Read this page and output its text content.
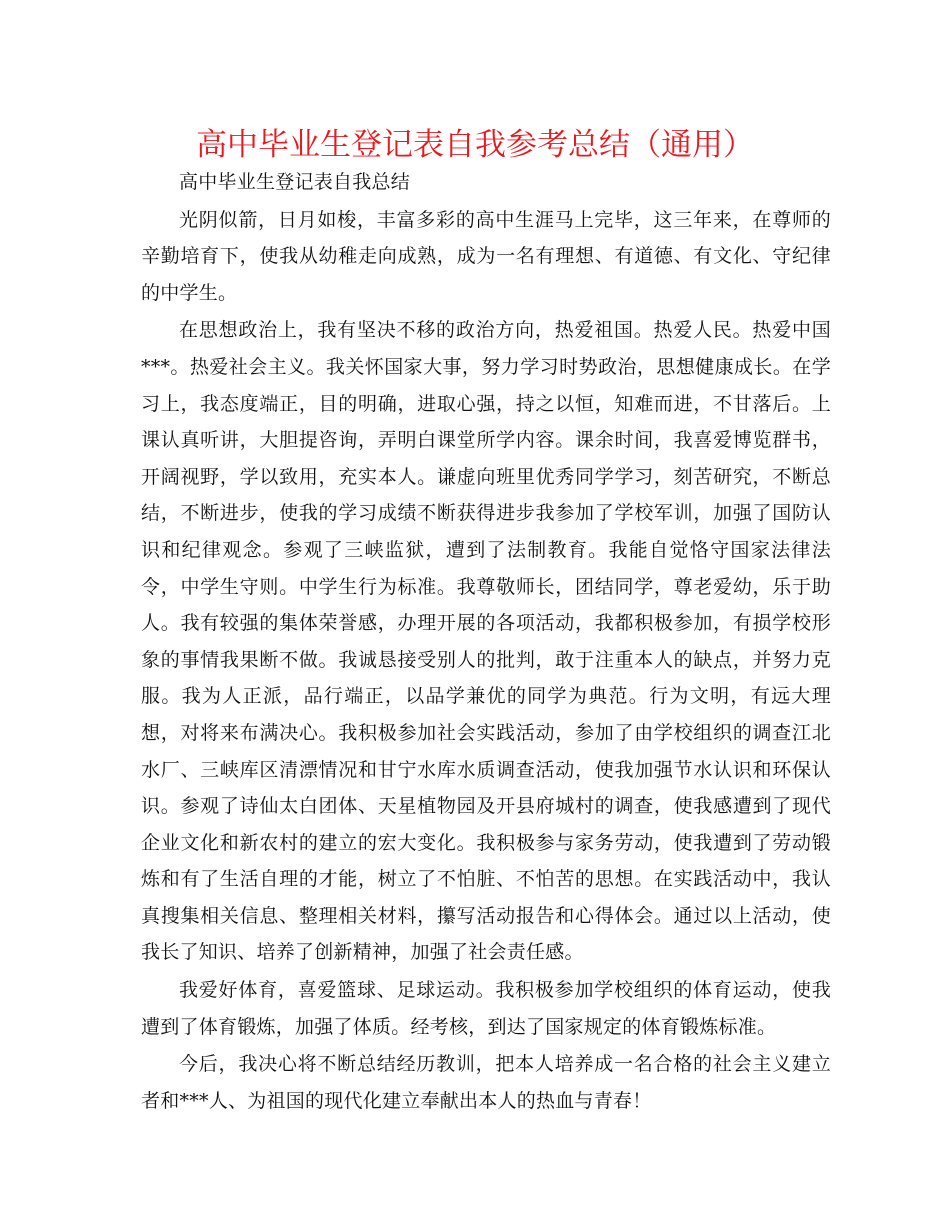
高中毕业生登记表自我参考总结（通用）

高中毕业生登记表自我总结

光阴似箭，日月如梭，丰富多彩的高中生涯马上完毕，这三年来，在尊师的辛勤培育下，使我从幼稚走向成熟，成为一名有理想、有道德、有文化、守纪律的中学生。

在思想政治上，我有坚决不移的政治方向，热爱祖国。热爱人民。热爱中国***。热爱社会主义。我关怀国家大事，努力学习时势政治，思想健康成长。在学习上，我态度端正，目的明确，进取心强，持之以恒，知难而进，不甘落后。上课认真听讲，大胆提咨询，弄明白课堂所学内容。课余时间，我喜爱博览群书，开阔视野，学以致用，充实本人。谦虚向班里优秀同学学习，刻苦研究，不断总结，不断进步，使我的学习成绩不断获得进步我参加了学校军训，加强了国防认识和纪律观念。参观了三峡监狱，遭到了法制教育。我能自觉恪守国家法律法令，中学生守则。中学生行为标准。我尊敬师长，团结同学，尊老爱幼，乐于助人。我有较强的集体荣誉感，办理开展的各项活动，我都积极参加，有损学校形象的事情我果断不做。我诚恳接受别人的批判，敢于注重本人的缺点，并努力克服。我为人正派，品行端正，以品学兼优的同学为典范。行为文明，有远大理想，对将来布满决心。我积极参加社会实践活动，参加了由学校组织的调查江北水厂、三峡库区清漂情况和甘宁水库水质调查活动，使我加强节水认识和环保认识。参观了诗仙太白团体、天星植物园及开县府城村的调查，使我感遭到了现代企业文化和新农村的建立的宏大变化。我积极参与家务劳动，使我遭到了劳动锻炼和有了生活自理的才能，树立了不怕脏、不怕苦的思想。在实践活动中，我认真搜集相关信息、整理相关材料，攥写活动报告和心得体会。通过以上活动，使我长了知识、培养了创新精神，加强了社会责任感。

我爱好体育，喜爱篮球、足球运动。我积极参加学校组织的体育运动，使我遭到了体育锻炼，加强了体质。经考核，到达了国家规定的体育锻炼标准。

今后，我决心将不断总结经历教训，把本人培养成一名合格的社会主义建立者和***人、为祖国的现代化建立奉献出本人的热血与青春！
